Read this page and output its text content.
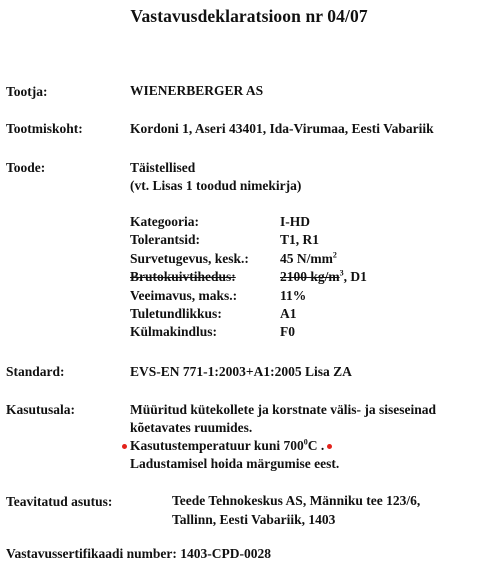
Vastavusdeklaratsioon nr 04/07
Tootja:	WIENERBERGER AS
Tootmiskoht:	Kordoni 1, Aseri 43401, Ida-Virumaa, Eesti Vabariik
Toode:	Täistellised
(vt. Lisas 1 toodud nimekirja)
Kategooria:	I-HD
Tolerantsid:	T1, R1
Survetugevus, kesk.: 45 $N/mm^2$
Brutokuivtihedus:	2100 $kg/m^3$, D1
Veeimavus, maks.:	11%
Tuletundlikkus:	A1
Külmakindlus:	F0
Standard:	EVS-EN 771-1:2003+A1:2005 Lisa ZA
Kasutusala:	Müüritud kütekollete ja korstnate välis- ja siseseinad
kõetavates ruumides.
Kasutustemperatuur kuni $700^0C$ .
Ladustamisel hoida märgumise eest.
Teavitatud asutus:	Teede Tehnokeskus AS, Männiku tee 123/6,
Tallinn, Eesti Vabariik, 1403
Vastavussertifikaadi number: 1403-CPD-0028
